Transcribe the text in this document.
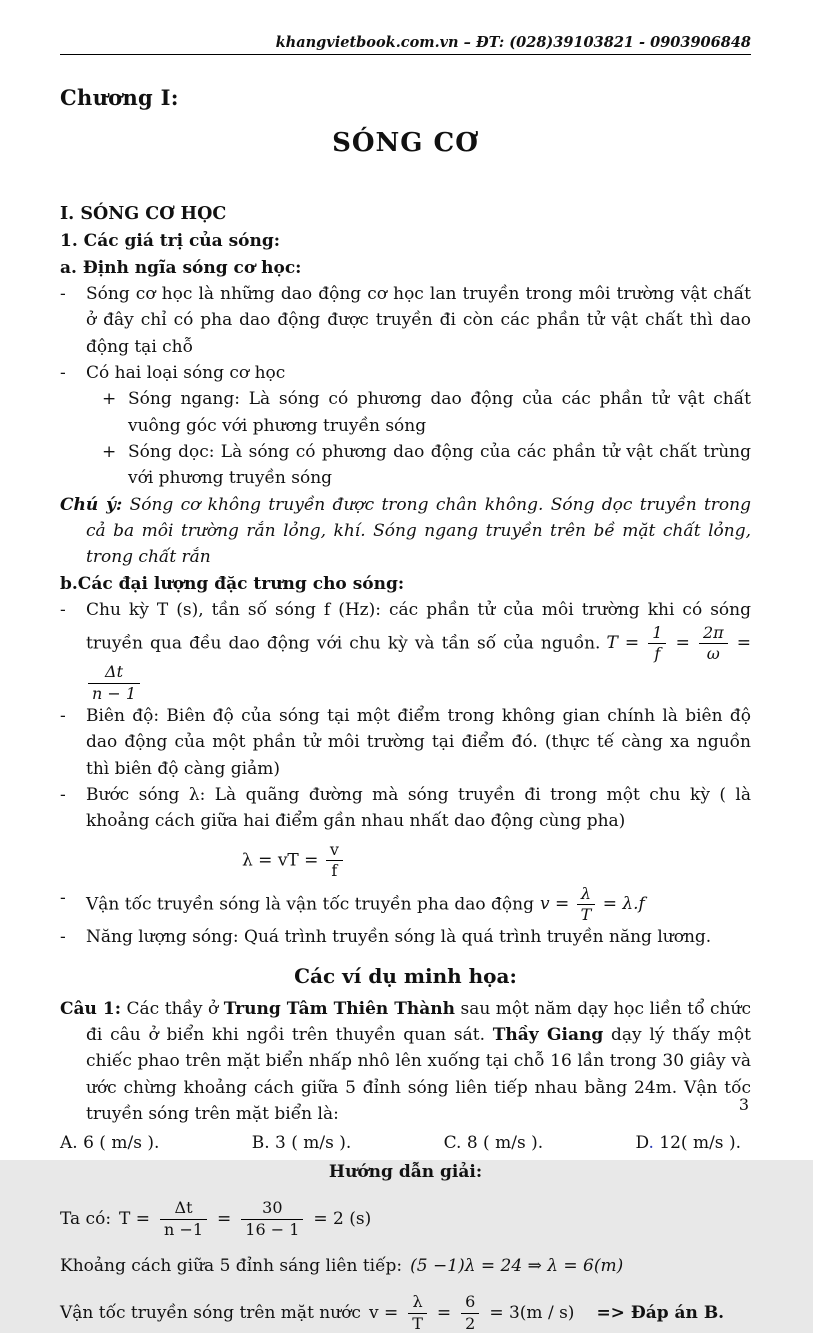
khangvietbook.com.vn – ĐT: (028)39103821 - 0903906848
Chương I:
SÓNG CƠ
I. SÓNG CƠ HỌC
1. Các giá trị của sóng:
a. Định ngĩa sóng cơ học:
-	Sóng cơ học là những dao động cơ học lan truyền trong môi trường vật chất ở đây chỉ có pha dao động được truyền đi còn các phần tử vật chất thì dao động tại chỗ
-	Có hai loại sóng cơ học
+ Sóng ngang: Là sóng có phương dao động của các phần tử vật chất vuông góc với phương truyền sóng
+ Sóng dọc: Là sóng có phương dao động của các phần tử vật chất trùng với phương truyền sóng
Chú ý: Sóng cơ không truyền được trong chân không. Sóng dọc truyền trong cả ba môi trường rắn lỏng, khí. Sóng ngang truyền trên bề mặt chất lỏng, trong chất rắn
b.Các đại lượng đặc trưng cho sóng:
-	Chu kỳ T (s), tần số sóng f (Hz): các phần tử của môi trường khi có sóng truyền qua đều dao động với chu kỳ và tần số của nguồn. $T = \frac{1}{f} = \frac{2\pi}{\omega}$ =
$\frac{\Delta t}{n - 1}$
-	Biên độ: Biên độ của sóng tại một điểm trong không gian chính là biên độ dao động của một phần tử môi trường tại điểm đó. (thực tế càng xa nguồn thì biên độ càng giảm)
-	Bước sóng λ: Là quãng đường mà sóng truyền đi trong một chu kỳ ( là khoảng cách giữa hai điểm gần nhau nhất dao động cùng pha)
λ = vT = $\frac{v}{f}$
-	Vận tốc truyền sóng là vận tốc truyền pha dao động $v = \frac{\lambda}{T} = \lambda.f$
-	Năng lượng sóng: Quá trình truyền sóng là quá trình truyền năng lương.
Các ví dụ minh họa:
Câu 1: Các thầy ở Trung Tâm Thiên Thành sau một năm dạy học liền tổ chức đi câu ở biển khi ngồi trên thuyền quan sát. Thầy Giang dạy lý thấy một chiếc phao trên mặt biển nhấp nhô lên xuống tại chỗ 16 lần trong 30 giây và ước chừng khoảng cách giữa 5 đỉnh sóng liên tiếp nhau bằng 24m. Vận tốc truyền sóng trên mặt biển là:
A. 6 ( m/s ).	B. 3 ( m/s ).	C. 8 ( m/s ).	D. 12( m/s ).
Hướng dẫn giải:
Ta có: $T = \frac{\Delta t}{n -1} = \frac{30}{16 - 1} = 2$ (s)
Khoảng cách giữa 5 đỉnh sáng liên tiếp: (5 −1)λ = 24 ⇒ λ = 6(m)
Vận tốc truyền sóng trên mặt nước $v = \frac{\lambda}{T} = \frac{6}{2} = 3(m / s)$ => Đáp án B.
3
